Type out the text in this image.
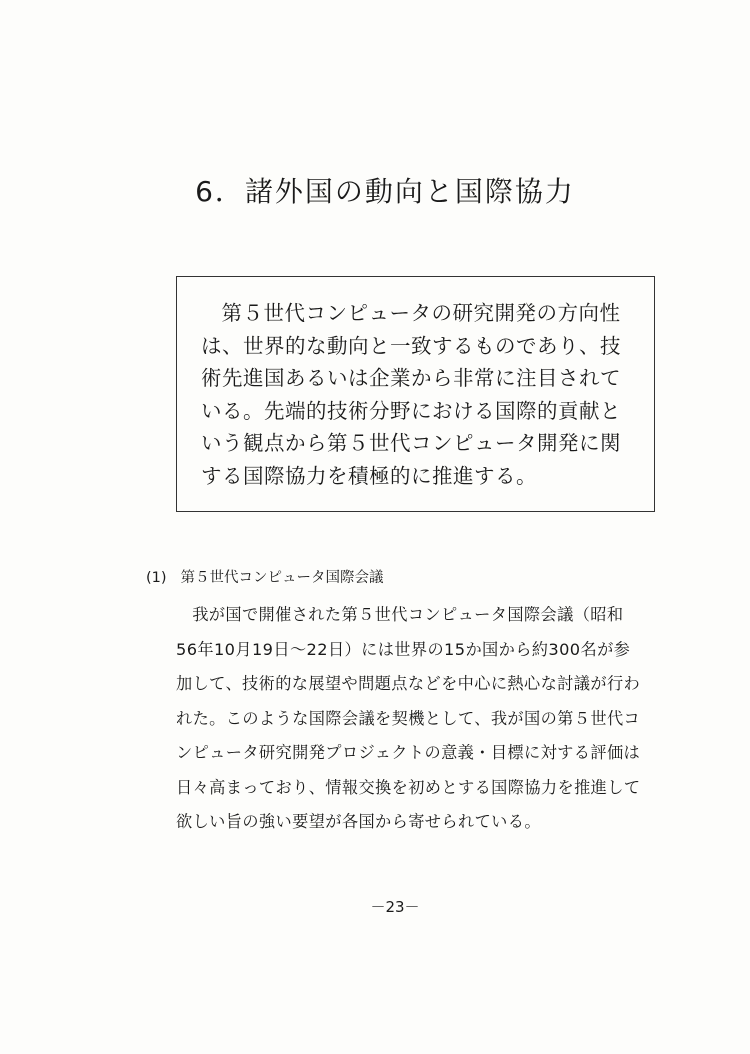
6．諸外国の動向と国際協力
第５世代コンピュータの研究開発の方向性は、世界的な動向と一致するものであり、技術先進国あるいは企業から非常に注目されている。先端的技術分野における国際的貢献という観点から第５世代コンピュータ開発に関する国際協力を積極的に推進する。
(1) 第５世代コンピュータ国際会議
我が国で開催された第５世代コンピュータ国際会議（昭和56年10月19日～22日）には世界の15か国から約300名が参加して、技術的な展望や問題点などを中心に熱心な討議が行われた。このような国際会議を契機として、我が国の第５世代コンピュータ研究開発プロジェクトの意義・目標に対する評価は日々高まっており、情報交換を初めとする国際協力を推進して欲しい旨の強い要望が各国から寄せられている。
－23－
